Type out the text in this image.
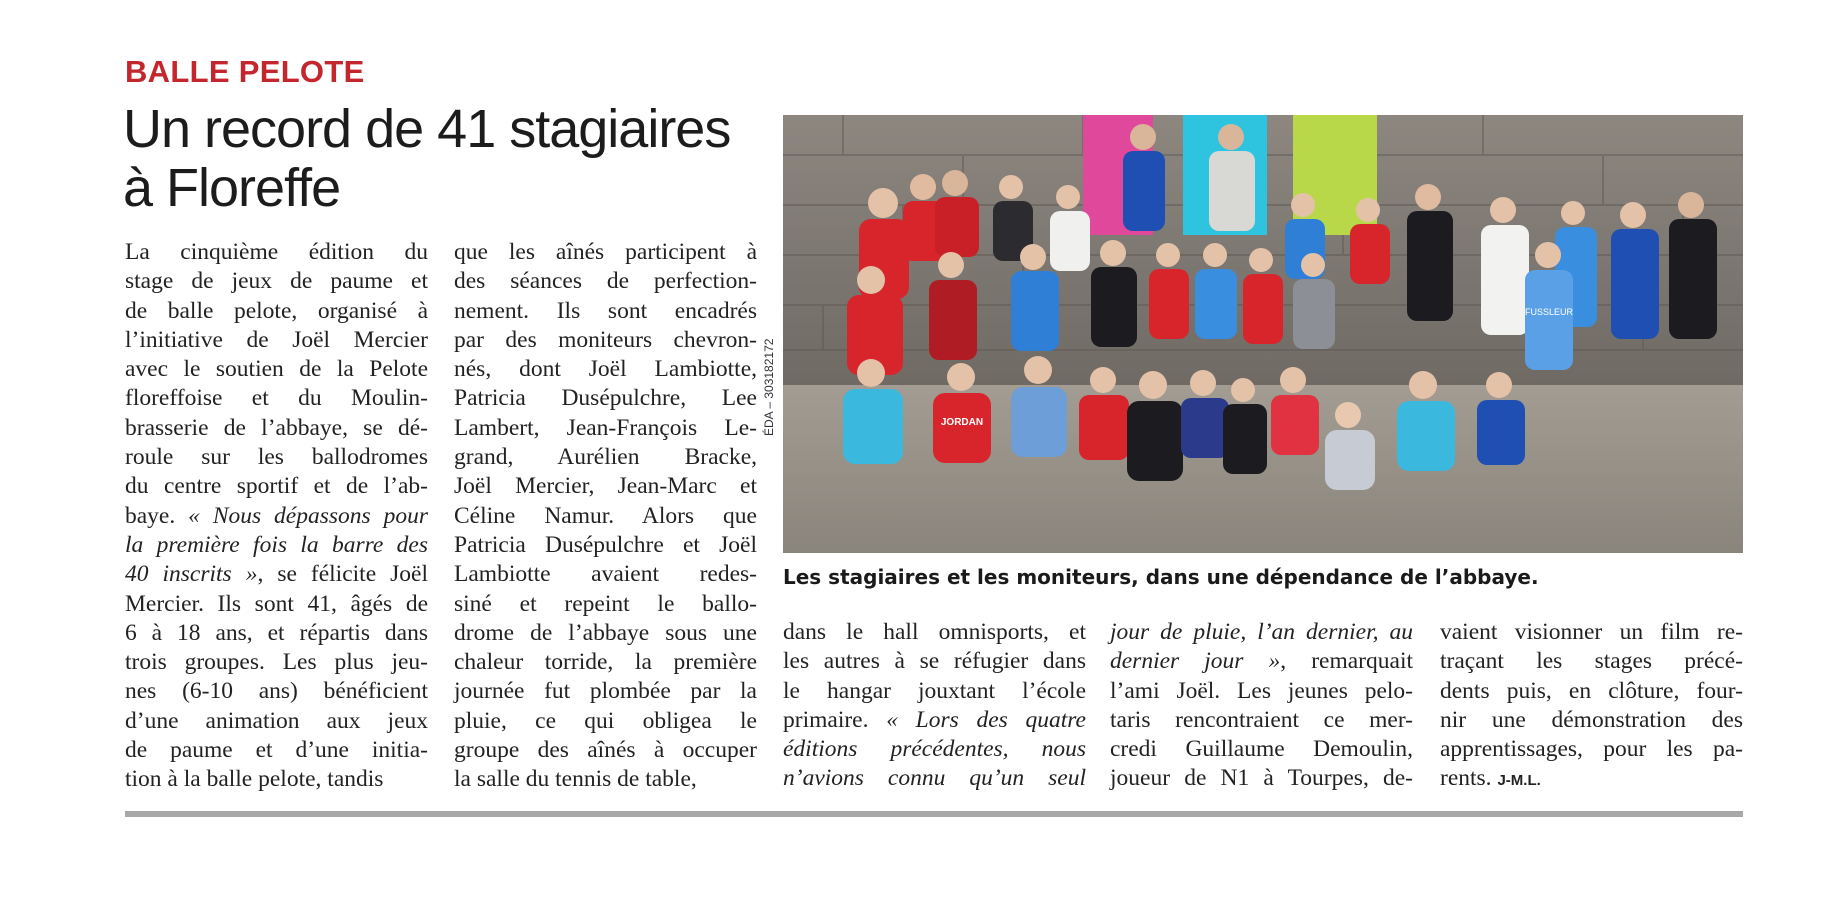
BALLE PELOTE
Un record de 41 stagiaires
à Floreffe
La cinquième édition du
stage de jeux de paume et
de balle pelote, organisé à
l’initiative de Joël Mercier
avec le soutien de la Pelote
floreffoise et du Moulin-
brasserie de l’abbaye, se dé-
roule sur les ballodromes
du centre sportif et de l’ab-
baye. « Nous dépassons pour
la première fois la barre des
40 inscrits », se félicite Joël
Mercier. Ils sont 41, âgés de
6 à 18 ans, et répartis dans
trois groupes. Les plus jeu-
nes (6-10 ans) bénéficient
d’une animation aux jeux
de paume et d’une initia-
tion à la balle pelote, tandis
que les aînés participent à
des séances de perfection-
nement. Ils sont encadrés
par des moniteurs chevron-
nés, dont Joël Lambiotte,
Patricia Dusépulchre, Lee
Lambert, Jean-François Le-
grand, Aurélien Bracke,
Joël Mercier, Jean-Marc et
Céline Namur. Alors que
Patricia Dusépulchre et Joël
Lambiotte avaient redes-
siné et repeint le ballo-
drome de l’abbaye sous une
chaleur torride, la première
journée fut plombée par la
pluie, ce qui obligea le
groupe des aînés à occuper
la salle du tennis de table,
FUSSLEUR
JORDAN
ÉDA – 303182172
Les stagiaires et les moniteurs, dans une dépendance de l’abbaye.
dans le hall omnisports, et
les autres à se réfugier dans
le hangar jouxtant l’école
primaire. « Lors des quatre
éditions précédentes, nous
n’avions connu qu’un seul
jour de pluie, l’an dernier, au
dernier jour », remarquait
l’ami Joël. Les jeunes pelo-
taris rencontraient ce mer-
credi Guillaume Demoulin,
joueur de N1 à Tourpes, de-
vaient visionner un film re-
traçant les stages précé-
dents puis, en clôture, four-
nir une démonstration des
apprentissages, pour les pa-
rents. J-M.L.
